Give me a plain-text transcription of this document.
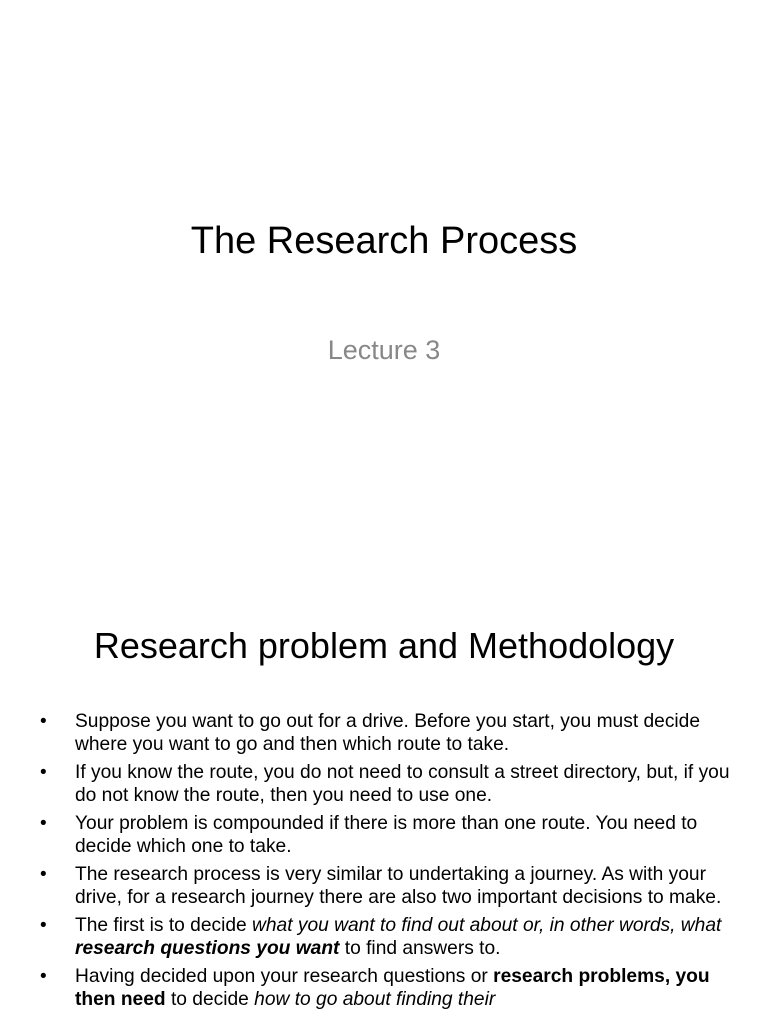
The Research Process
Lecture 3
Research problem and Methodology
• Suppose you want to go out for a drive. Before you start, you must decide where you want to go and then which route to take.
• If you know the route, you do not need to consult a street directory, but, if you do not know the route, then you need to use one.
• Your problem is compounded if there is more than one route. You need to decide which one to take.
• The research process is very similar to undertaking a journey. As with your drive, for a research journey there are also two important decisions to make.
• The first is to decide what you want to find out about or, in other words, what research questions you want to find answers to.
• Having decided upon your research questions or research problems, you then need to decide how to go about finding their
